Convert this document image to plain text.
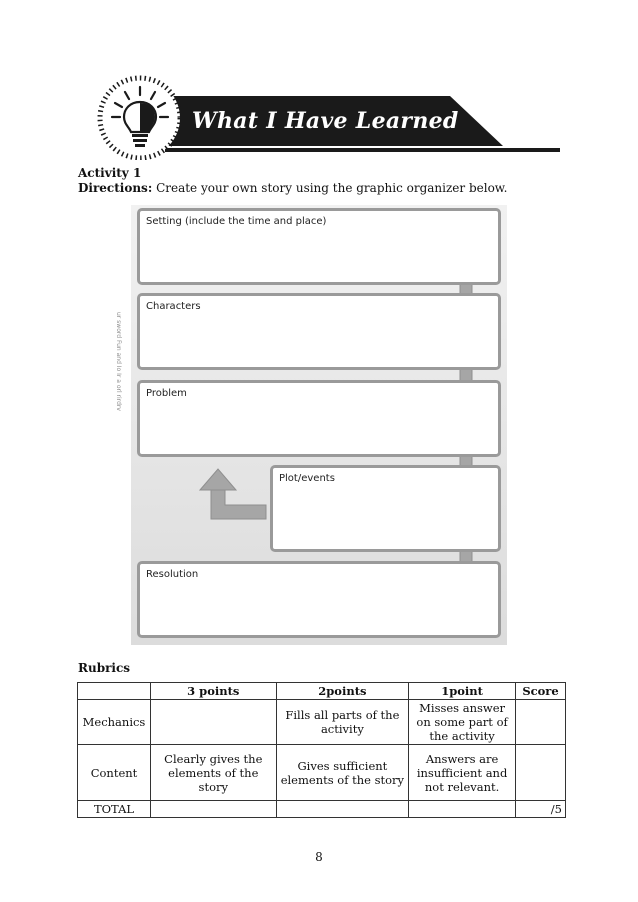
What I Have Learned
Activity 1
Directions: Create your own story using the graphic organizer below.
ur sword Fun and Io Ir a orl rirdrv
Setting (include the time and place)
Characters
Problem
Plot/events
Resolution
Rubrics
	3 points	2points	1point	Score
Mechanics		Fills all parts of the activity	Misses answer on some part of the activity	
Content	Clearly gives the elements of the story	Gives sufficient elements of the story	Answers are insufficient and not relevant.	
TOTAL				/5
8
